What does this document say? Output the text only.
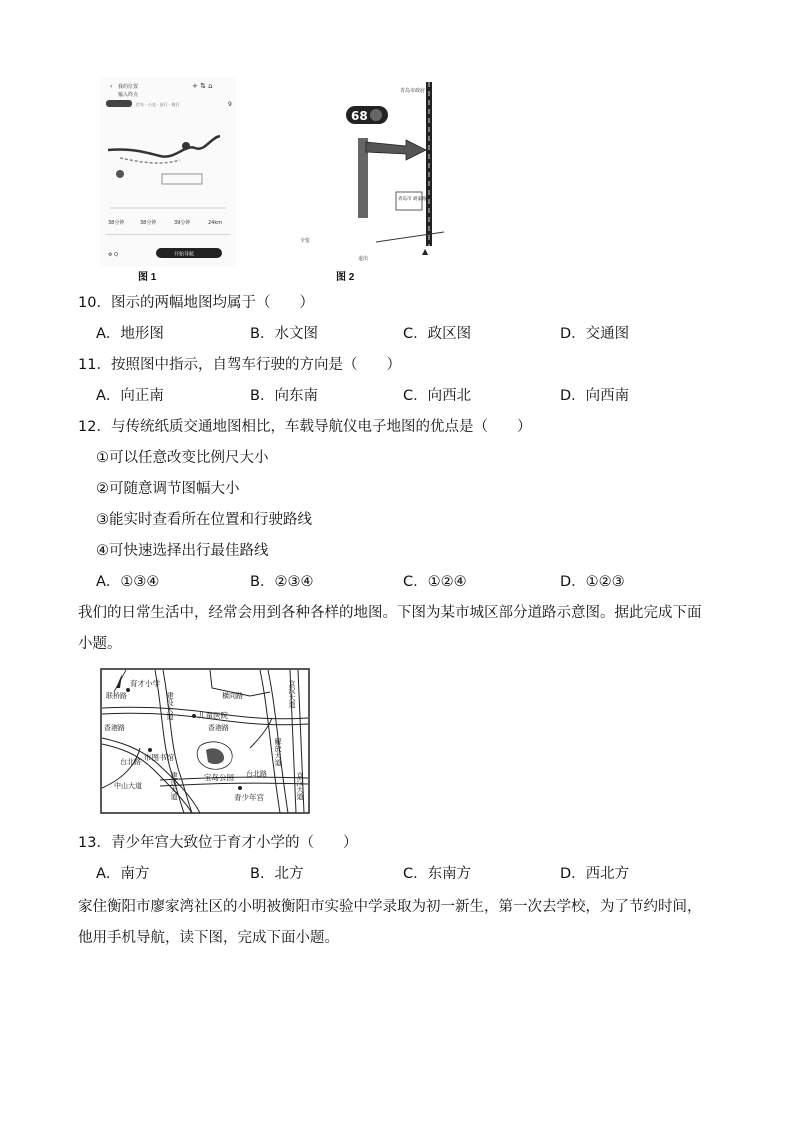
‹ 我的位置
输入终点
+ ⇅ ⌂
打车 · 公交 · 步行 · 骑行	9
38分钟	38分钟	39分钟	24km
开始导航
⚙ Q
图 1
68
青岛市政府
青岛市 胡家路
全览
退出
▲
图 2
10．图示的两幅地图均属于（　　）
A．地形图	B．水文图	C．政区图	D．交通图
11．按照图中指示，自驾车行驶的方向是（　　）
A．向正南	B．向东南	C．向西北	D．向西南
12．与传统纸质交通地图相比，车载导航仪电子地图的优点是（　　）
①可以任意改变比例尺大小
②可随意调节图幅大小
③能实时查看所在位置和行驶路线
④可快速选择出行最佳路线
A．①③④	B．②③④	C．①②④	D．①②③
我们的日常生活中，经常会用到各种各样的地图。下图为某市城区部分道路示意图。据此完成下面
小题。
育才小学
儿童医院
市图书馆
宝岛公园
青少年宫
联桥路
香港路
建设大道	横向路
香港路
京汉大道
解放大道
台北路
台北路	京汉大道
建设大道
中山大道
13．青少年宫大致位于育才小学的（　　）
A．南方	B．北方	C．东南方	D．西北方
家住衡阳市廖家湾社区的小明被衡阳市实验中学录取为初一新生，第一次去学校，为了节约时间，
他用手机导航，读下图，完成下面小题。
